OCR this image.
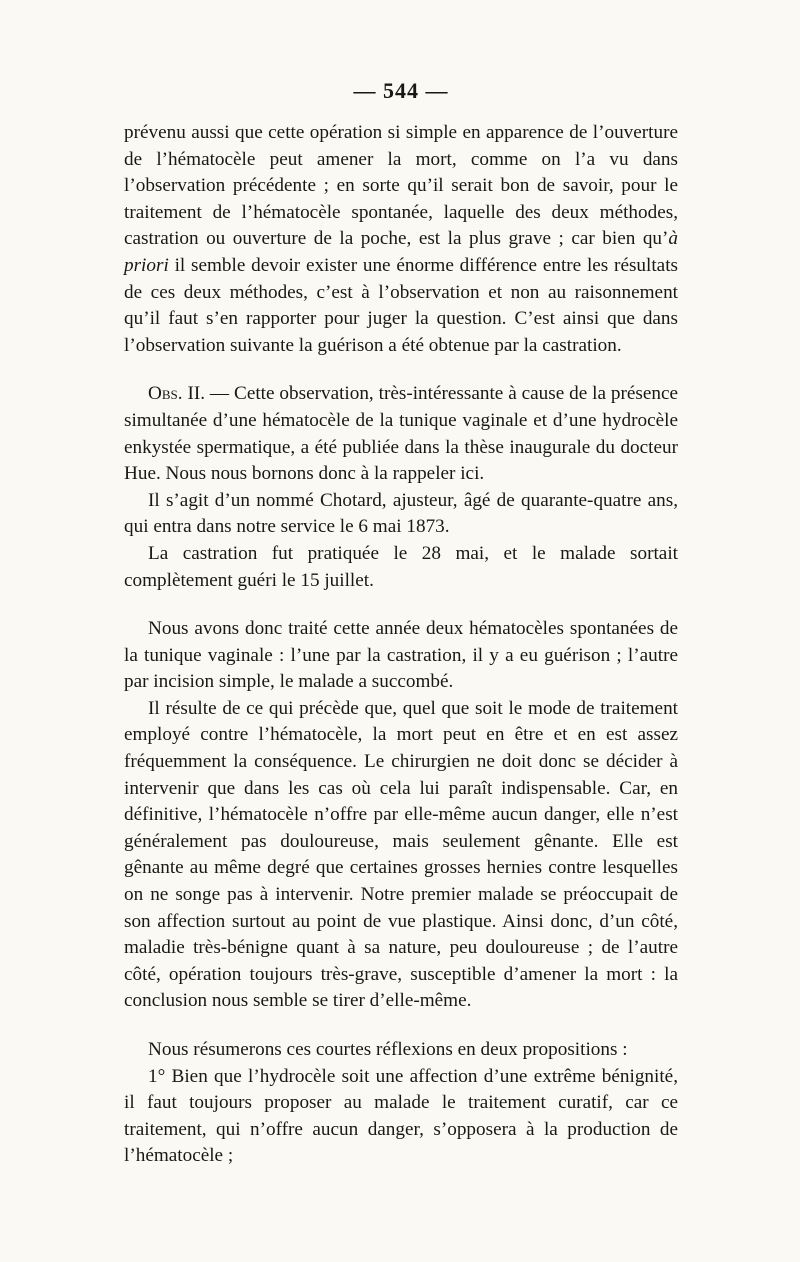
— 544 —

prévenu aussi que cette opération si simple en apparence de l’ouverture de l’hématocèle peut amener la mort, comme on l’a vu dans l’observation précédente ; en sorte qu’il serait bon de savoir, pour le traitement de l’hématocèle spontanée, laquelle des deux méthodes, castration ou ouverture de la poche, est la plus grave ; car bien qu’à priori il semble devoir exister une énorme différence entre les résultats de ces deux méthodes, c’est à l’observation et non au raisonnement qu’il faut s’en rapporter pour juger la question. C’est ainsi que dans l’observation suivante la guérison a été obtenue par la castration.

Obs. II. — Cette observation, très-intéressante à cause de la présence simultanée d’une hématocèle de la tunique vaginale et d’une hydrocèle enkystée spermatique, a été publiée dans la thèse inaugurale du docteur Hue. Nous nous bornons donc à la rappeler ici.

Il s’agit d’un nommé Chotard, ajusteur, âgé de quarante-quatre ans, qui entra dans notre service le 6 mai 1873.

La castration fut pratiquée le 28 mai, et le malade sortait complètement guéri le 15 juillet.

Nous avons donc traité cette année deux hématocèles spontanées de la tunique vaginale : l’une par la castration, il y a eu guérison ; l’autre par incision simple, le malade a succombé.

Il résulte de ce qui précède que, quel que soit le mode de traitement employé contre l’hématocèle, la mort peut en être et en est assez fréquemment la conséquence. Le chirurgien ne doit donc se décider à intervenir que dans les cas où cela lui paraît indispensable. Car, en définitive, l’hématocèle n’offre par elle-même aucun danger, elle n’est généralement pas douloureuse, mais seulement gênante. Elle est gênante au même degré que certaines grosses hernies contre lesquelles on ne songe pas à intervenir. Notre premier malade se préoccupait de son affection surtout au point de vue plastique. Ainsi donc, d’un côté, maladie très-bénigne quant à sa nature, peu douloureuse ; de l’autre côté, opération toujours très-grave, susceptible d’amener la mort : la conclusion nous semble se tirer d’elle-même.

Nous résumerons ces courtes réflexions en deux propositions :

1° Bien que l’hydrocèle soit une affection d’une extrême bénignité, il faut toujours proposer au malade le traitement curatif, car ce traitement, qui n’offre aucun danger, s’opposera à la production de l’hématocèle ;
